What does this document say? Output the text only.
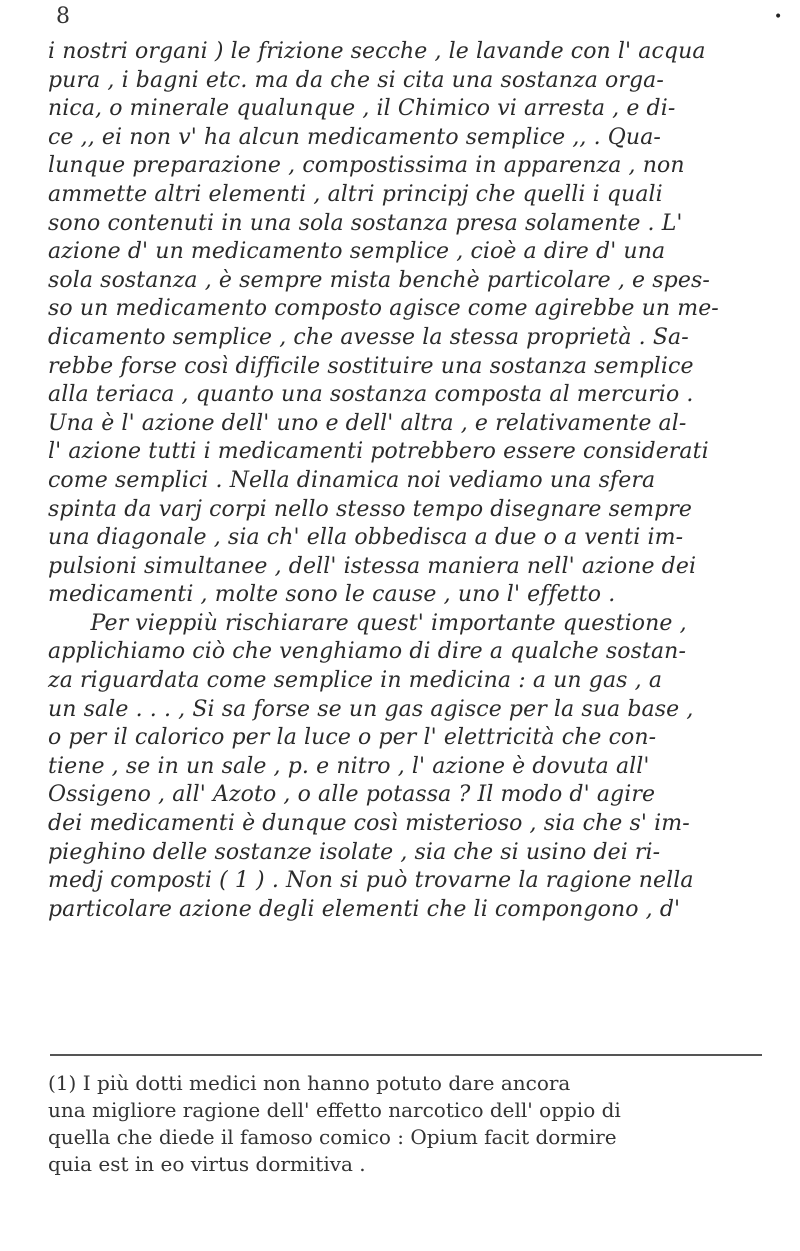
8	•
i nostri organi ) le frizione secche , le lavande con l' acqua
pura , i bagni etc. ma da che si cita una sostanza orga-
nica, o minerale qualunque , il Chimico vi arresta , e di-
ce ,, ei non v' ha alcun medicamento semplice ,, . Qua-
lunque preparazione , compostissima in apparenza , non
ammette altri elementi , altri principj che quelli i quali
sono contenuti in una sola sostanza presa solamente . L'
azione d' un medicamento semplice , cioè a dire d' una
sola sostanza , è sempre mista benchè particolare , e spes-
so un medicamento composto agisce come agirebbe un me-
dicamento semplice , che avesse la stessa proprietà . Sa-
rebbe forse così difficile sostituire una sostanza semplice
alla teriaca , quanto una sostanza composta al mercurio .
Una è l' azione dell' uno e dell' altra , e relativamente al-
l' azione tutti i medicamenti potrebbero essere considerati
come semplici . Nella dinamica noi vediamo una sfera
spinta da varj corpi nello stesso tempo disegnare sempre
una diagonale , sia ch' ella obbedisca a due o a venti im-
pulsioni simultanee , dell' istessa maniera nell' azione dei
medicamenti , molte sono le cause , uno l' effetto .
Per vieppiù rischiarare quest' importante questione ,
applichiamo ciò che venghiamo di dire a qualche sostan-
za riguardata come semplice in medicina : a un gas , a
un sale . . . , Si sa forse se un gas agisce per la sua base ,
o per il calorico per la luce o per l' elettricità che con-
tiene , se in un sale , p. e nitro , l' azione è dovuta all'
Ossigeno , all' Azoto , o alle potassa ? Il modo d' agire
dei medicamenti è dunque così misterioso , sia che s' im-
pieghino delle sostanze isolate , sia che si usino dei ri-
medj composti ( 1 ) . Non si può trovarne la ragione nella
particolare azione degli elementi che li compongono , d'
(1) I più dotti medici non hanno potuto dare ancora
una migliore ragione dell' effetto narcotico dell' oppio di
quella che diede il famoso comico : Opium facit dormire
quia est in eo virtus dormitiva .
